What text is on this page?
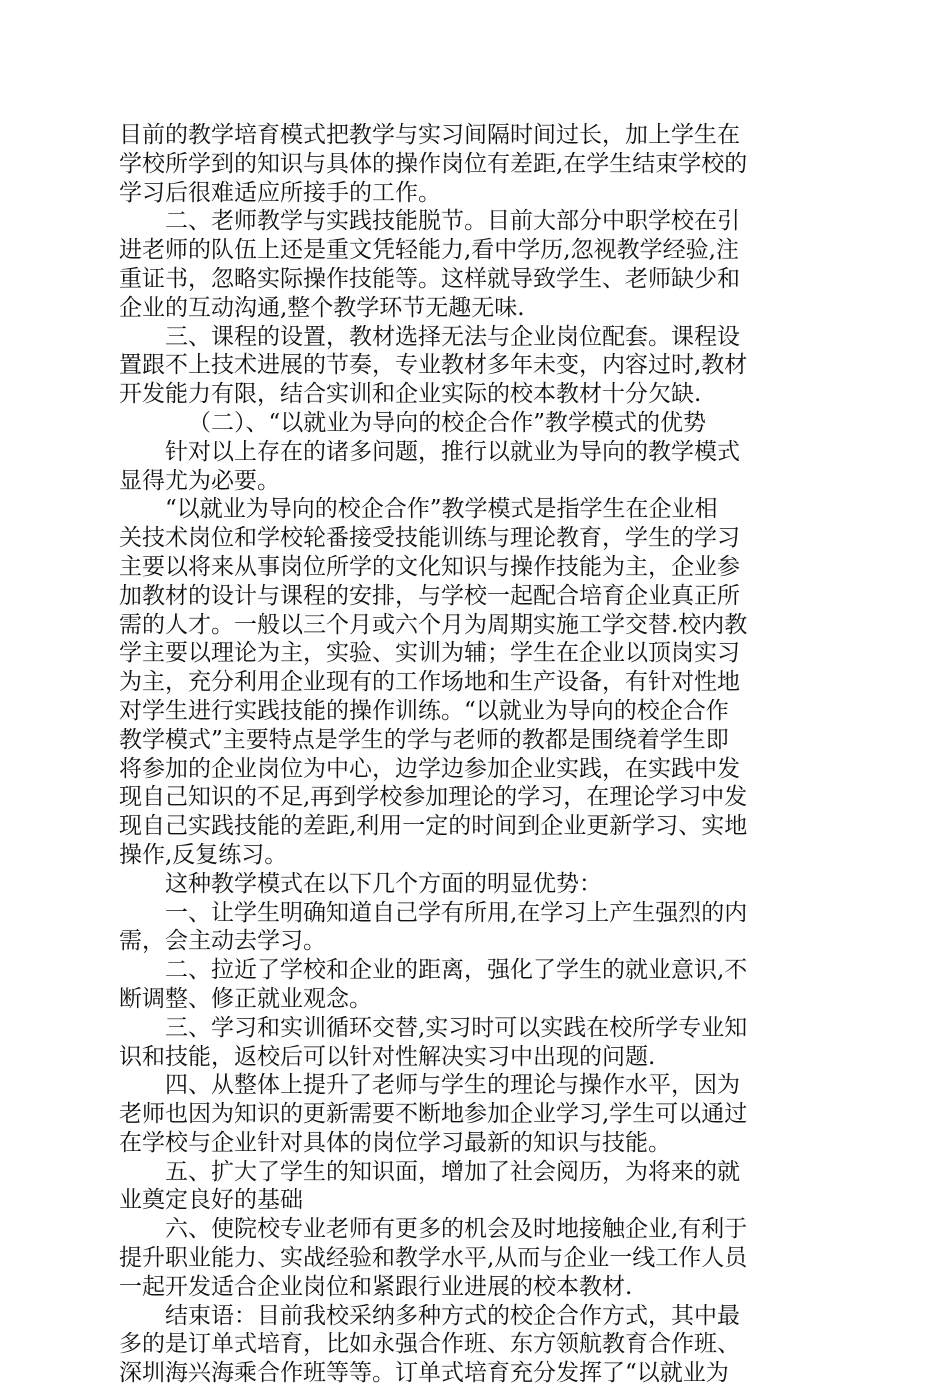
目前的教学培育模式把教学与实习间隔时间过长，加上学生在
学校所学到的知识与具体的操作岗位有差距,在学生结束学校的
学习后很难适应所接手的工作。
二、老师教学与实践技能脱节。目前大部分中职学校在引
进老师的队伍上还是重文凭轻能力,看中学历,忽视教学经验,注
重证书，忽略实际操作技能等。这样就导致学生、老师缺少和
企业的互动沟通,整个教学环节无趣无味.
三、课程的设置，教材选择无法与企业岗位配套。课程设
置跟不上技术进展的节奏，专业教材多年未变，内容过时,教材
开发能力有限，结合实训和企业实际的校本教材十分欠缺.
（二）、“以就业为导向的校企合作”教学模式的优势
针对以上存在的诸多问题，推行以就业为导向的教学模式
显得尤为必要。
“以就业为导向的校企合作”教学模式是指学生在企业相
关技术岗位和学校轮番接受技能训练与理论教育，学生的学习
主要以将来从事岗位所学的文化知识与操作技能为主，企业参
加教材的设计与课程的安排，与学校一起配合培育企业真正所
需的人才。一般以三个月或六个月为周期实施工学交替.校内教
学主要以理论为主，实验、实训为辅；学生在企业以顶岗实习
为主，充分利用企业现有的工作场地和生产设备，有针对性地
对学生进行实践技能的操作训练。“以就业为导向的校企合作
教学模式”主要特点是学生的学与老师的教都是围绕着学生即
将参加的企业岗位为中心，边学边参加企业实践，在实践中发
现自己知识的不足,再到学校参加理论的学习，在理论学习中发
现自己实践技能的差距,利用一定的时间到企业更新学习、实地
操作,反复练习。
这种教学模式在以下几个方面的明显优势：
一、让学生明确知道自己学有所用,在学习上产生强烈的内
需，会主动去学习。
二、拉近了学校和企业的距离，强化了学生的就业意识,不
断调整、修正就业观念。
三、学习和实训循环交替,实习时可以实践在校所学专业知
识和技能，返校后可以针对性解决实习中出现的问题.
四、从整体上提升了老师与学生的理论与操作水平，因为
老师也因为知识的更新需要不断地参加企业学习,学生可以通过
在学校与企业针对具体的岗位学习最新的知识与技能。
五、扩大了学生的知识面，增加了社会阅历，为将来的就
业奠定良好的基础
六、使院校专业老师有更多的机会及时地接触企业,有利于
提升职业能力、实战经验和教学水平,从而与企业一线工作人员
一起开发适合企业岗位和紧跟行业进展的校本教材.
结束语：目前我校采纳多种方式的校企合作方式，其中最
多的是订单式培育，比如永强合作班、东方领航教育合作班、
深圳海兴海乘合作班等等。订单式培育充分发挥了“以就业为
